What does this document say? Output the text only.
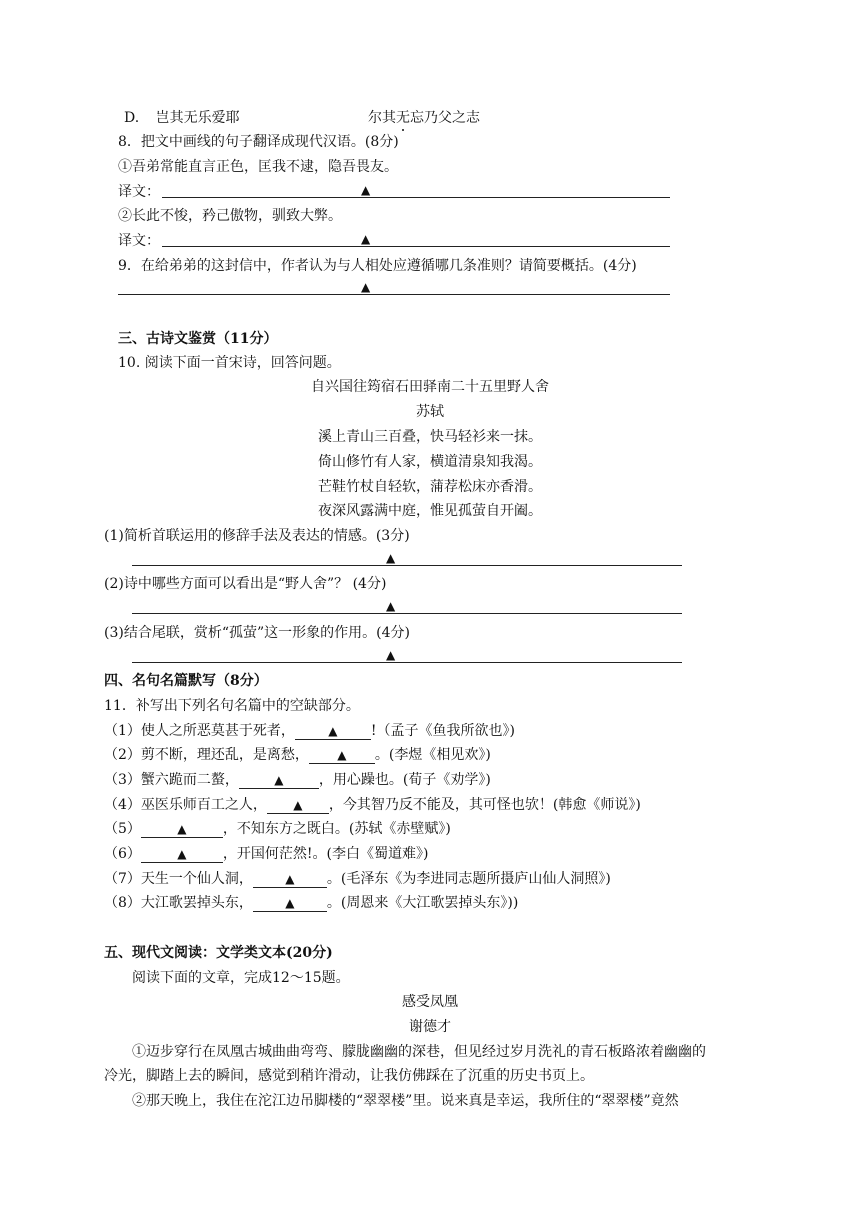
D. 岂其无乐爱耶	尔其无忘乃父之志
8．把文中画线的句子翻译成现代汉语。(8分)
①吾弟常能直言正色，匡我不逮，隐吾畏友。
译文：	▲
②长此不悛，矜己傲物，驯致大弊。
译文：	▲
9．在给弟弟的这封信中，作者认为与人相处应遵循哪几条准则？请简要概括。(4分)
▲
三、古诗文鉴赏（11分）
10. 阅读下面一首宋诗，回答问题。
自兴国往筠宿石田驿南二十五里野人舍
苏轼
溪上青山三百叠，快马轻衫来一抹。
倚山修竹有人家，横道清泉知我渴。
芒鞋竹杖自轻软，蒲荐松床亦香滑。
夜深风露满中庭，惟见孤萤自开阖。
(1)简析首联运用的修辞手法及表达的情感。(3分)
▲
(2)诗中哪些方面可以看出是“野人舍”？ (4分)
▲
(3)结合尾联，赏析“孤萤”这一形象的作用。(4分)
▲
四、名句名篇默写（8分）
11．补写出下列名句名篇中的空缺部分。
（1）使人之所恶莫甚于死者，	▲ !（孟子《鱼我所欲也》)
（2）剪不断，理还乱，是离愁， ▲ 。(李煜《相见欢》)
（3）蟹六跪而二螯，	▲	，用心躁也。(荀子《劝学》)
（4）巫医乐师百工之人， ▲ ，今其智乃反不能及，其可怪也欤！(韩愈《师说》)
（5）	▲	，不知东方之既白。(苏轼《赤壁赋》)
（6）	▲	，开国何茫然!。(李白《蜀道难》)
（7）天生一个仙人洞，	▲ 。(毛泽东《为李进同志题所摄庐山仙人洞照》)
（8）大江歌罢掉头东，	▲ 。(周恩来《大江歌罢掉头东》))
五、现代文阅读：文学类文本(20分)
阅读下面的文章，完成12～15题。
感受凤凰
谢德才
①迈步穿行在凤凰古城曲曲弯弯、朦胧幽幽的深巷，但见经过岁月洗礼的青石板路浓着幽幽的
冷光，脚踏上去的瞬间，感觉到稍许滑动，让我仿佛踩在了沉重的历史书页上。
②那天晚上，我住在沱江边吊脚楼的“翠翠楼”里。说来真是幸运，我所住的“翠翠楼”竟然
